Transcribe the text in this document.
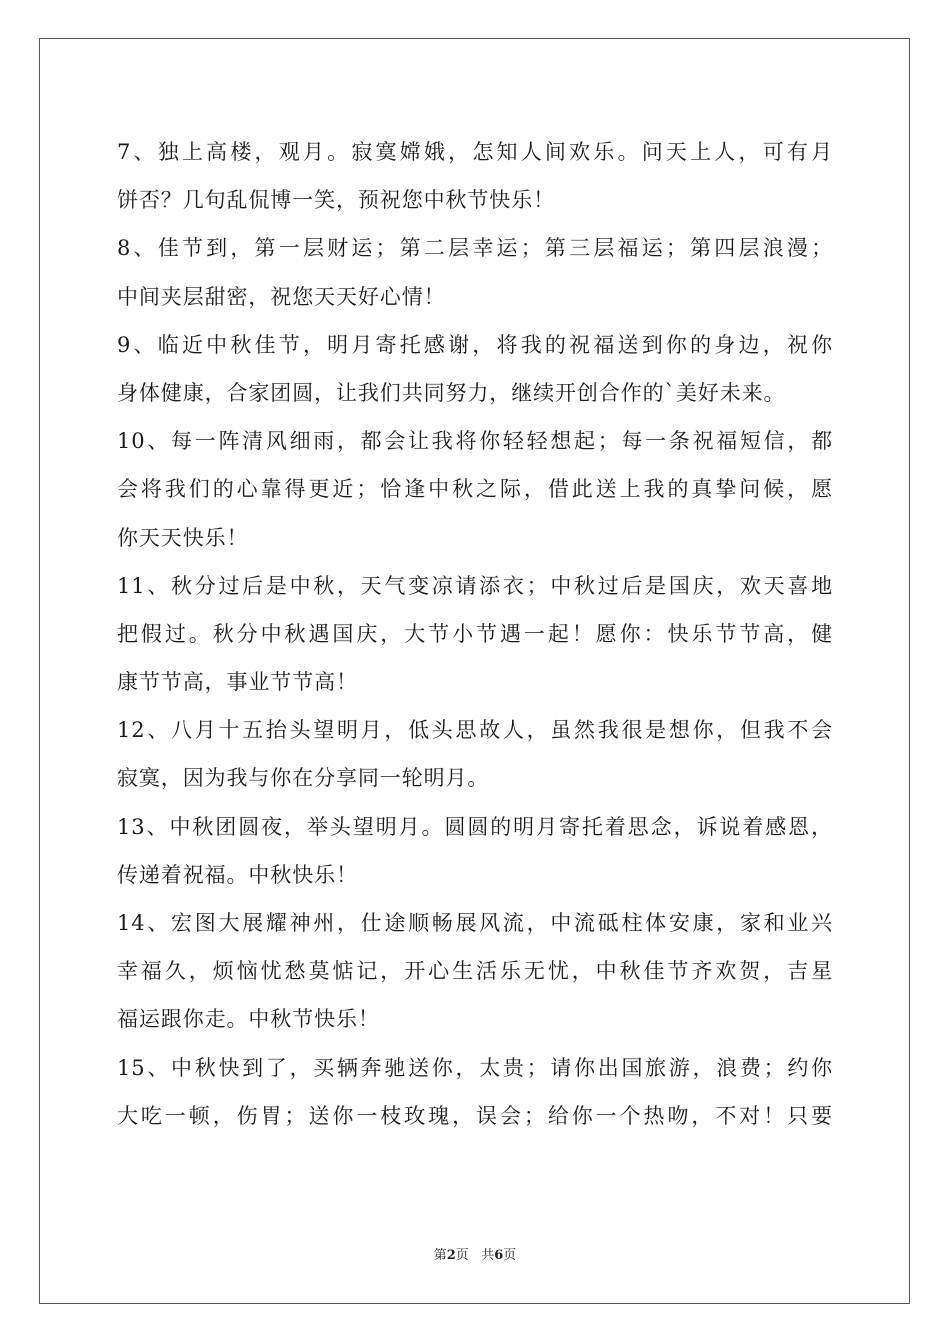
7、独上高楼，观月。寂寞嫦娥，怎知人间欢乐。问天上人，可有月
饼否？几句乱侃博一笑，预祝您中秋节快乐！
8、佳节到，第一层财运；第二层幸运；第三层福运；第四层浪漫；
中间夹层甜密，祝您天天好心情！
9、临近中秋佳节，明月寄托感谢，将我的祝福送到你的身边，祝你
身体健康，合家团圆，让我们共同努力，继续开创合作的`美好未来。
10、每一阵清风细雨，都会让我将你轻轻想起；每一条祝福短信，都
会将我们的心靠得更近；恰逢中秋之际，借此送上我的真挚问候，愿
你天天快乐！
11、秋分过后是中秋，天气变凉请添衣；中秋过后是国庆，欢天喜地
把假过。秋分中秋遇国庆，大节小节遇一起！愿你：快乐节节高，健
康节节高，事业节节高！
12、八月十五抬头望明月，低头思故人，虽然我很是想你，但我不会
寂寞，因为我与你在分享同一轮明月。
13、中秋团圆夜，举头望明月。圆圆的明月寄托着思念，诉说着感恩，
传递着祝福。中秋快乐！
14、宏图大展耀神州，仕途顺畅展风流，中流砥柱体安康，家和业兴
幸福久，烦恼忧愁莫惦记，开心生活乐无忧，中秋佳节齐欢贺，吉星
福运跟你走。中秋节快乐！
15、中秋快到了，买辆奔驰送你，太贵；请你出国旅游，浪费；约你
大吃一顿，伤胃；送你一枝玫瑰，误会；给你一个热吻，不对！只要
第2页 共6页
